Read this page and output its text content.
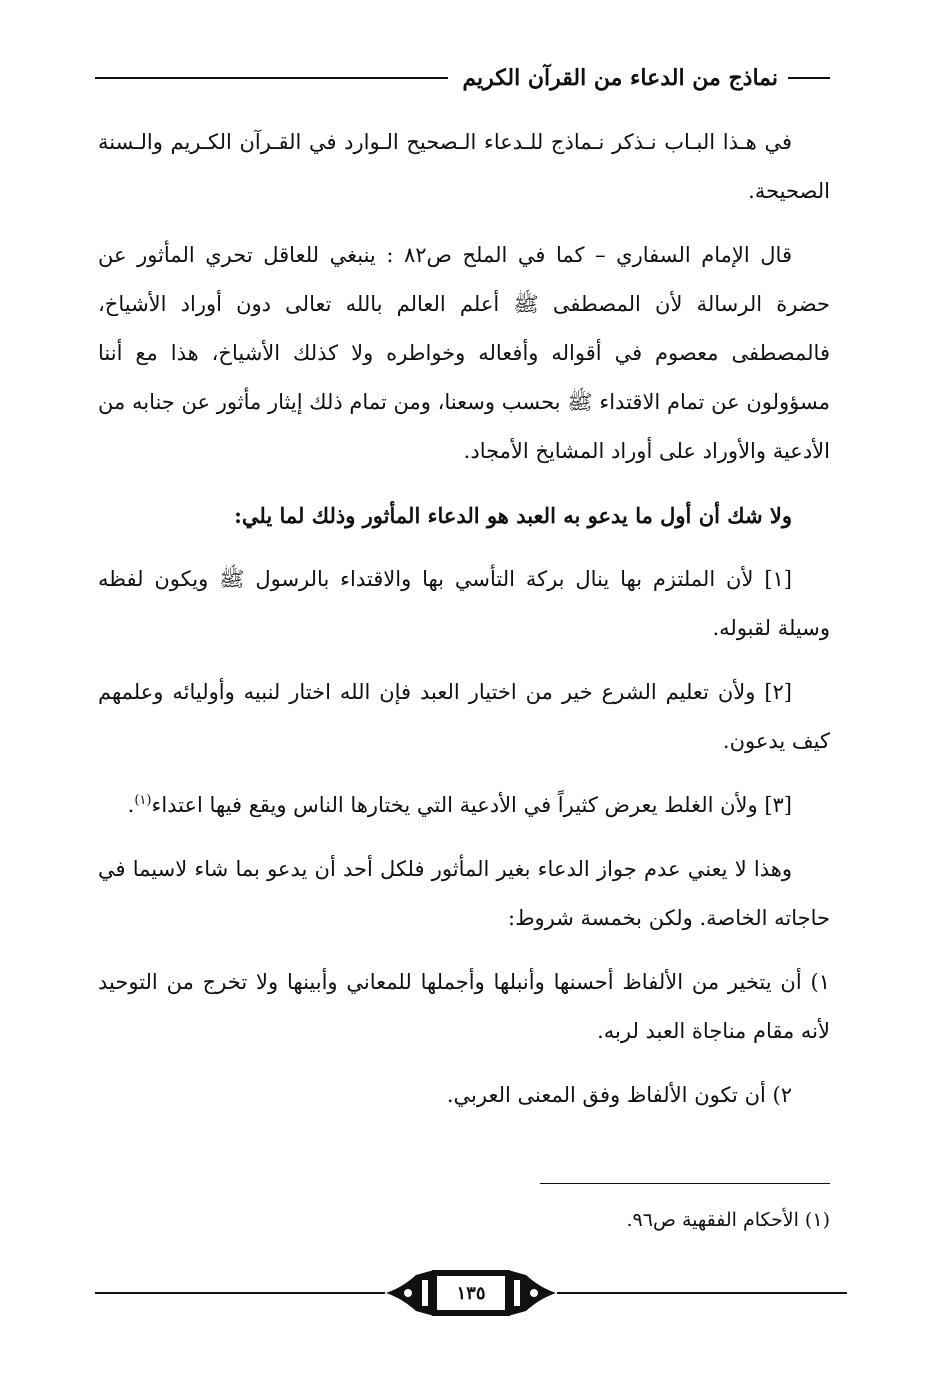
نماذج من الدعاء من القرآن الكريم

في هـذا البـاب نـذكر نـماذج للـدعاء الـصحيح الـوارد في القـرآن الكـريم والـسنة الصحيحة.

قال الإمام السفاري – كما في الملح ص٨٢ : ينبغي للعاقل تحري المأثور عن حضرة الرسالة لأن المصطفى ﷺ أعلم العالم بالله تعالى دون أوراد الأشياخ، فالمصطفى معصوم في أقواله وأفعاله وخواطره ولا كذلك الأشياخ، هذا مع أننا مسؤولون عن تمام الاقتداء ﷺ بحسب وسعنا، ومن تمام ذلك إيثار مأثور عن جنابه من الأدعية والأوراد على أوراد المشايخ الأمجاد.

ولا شك أن أول ما يدعو به العبد هو الدعاء المأثور وذلك لما يلي:

[١] لأن الملتزم بها ينال بركة التأسي بها والاقتداء بالرسول ﷺ ويكون لفظه وسيلة لقبوله.

[٢] ولأن تعليم الشرع خير من اختيار العبد فإن الله اختار لنبيه وأوليائه وعلمهم كيف يدعون.

[٣] ولأن الغلط يعرض كثيراً في الأدعية التي يختارها الناس ويقع فيها اعتداء$^{(١)}$.

وهذا لا يعني عدم جواز الدعاء بغير المأثور فلكل أحد أن يدعو بما شاء لاسيما في حاجاته الخاصة. ولكن بخمسة شروط:

١) أن يتخير من الألفاظ أحسنها وأنبلها وأجملها للمعاني وأبينها ولا تخرج من التوحيد لأنه مقام مناجاة العبد لربه.

٢) أن تكون الألفاظ وفق المعنى العربي.

(١) الأحكام الفقهية ص٩٦.
١٣٥
